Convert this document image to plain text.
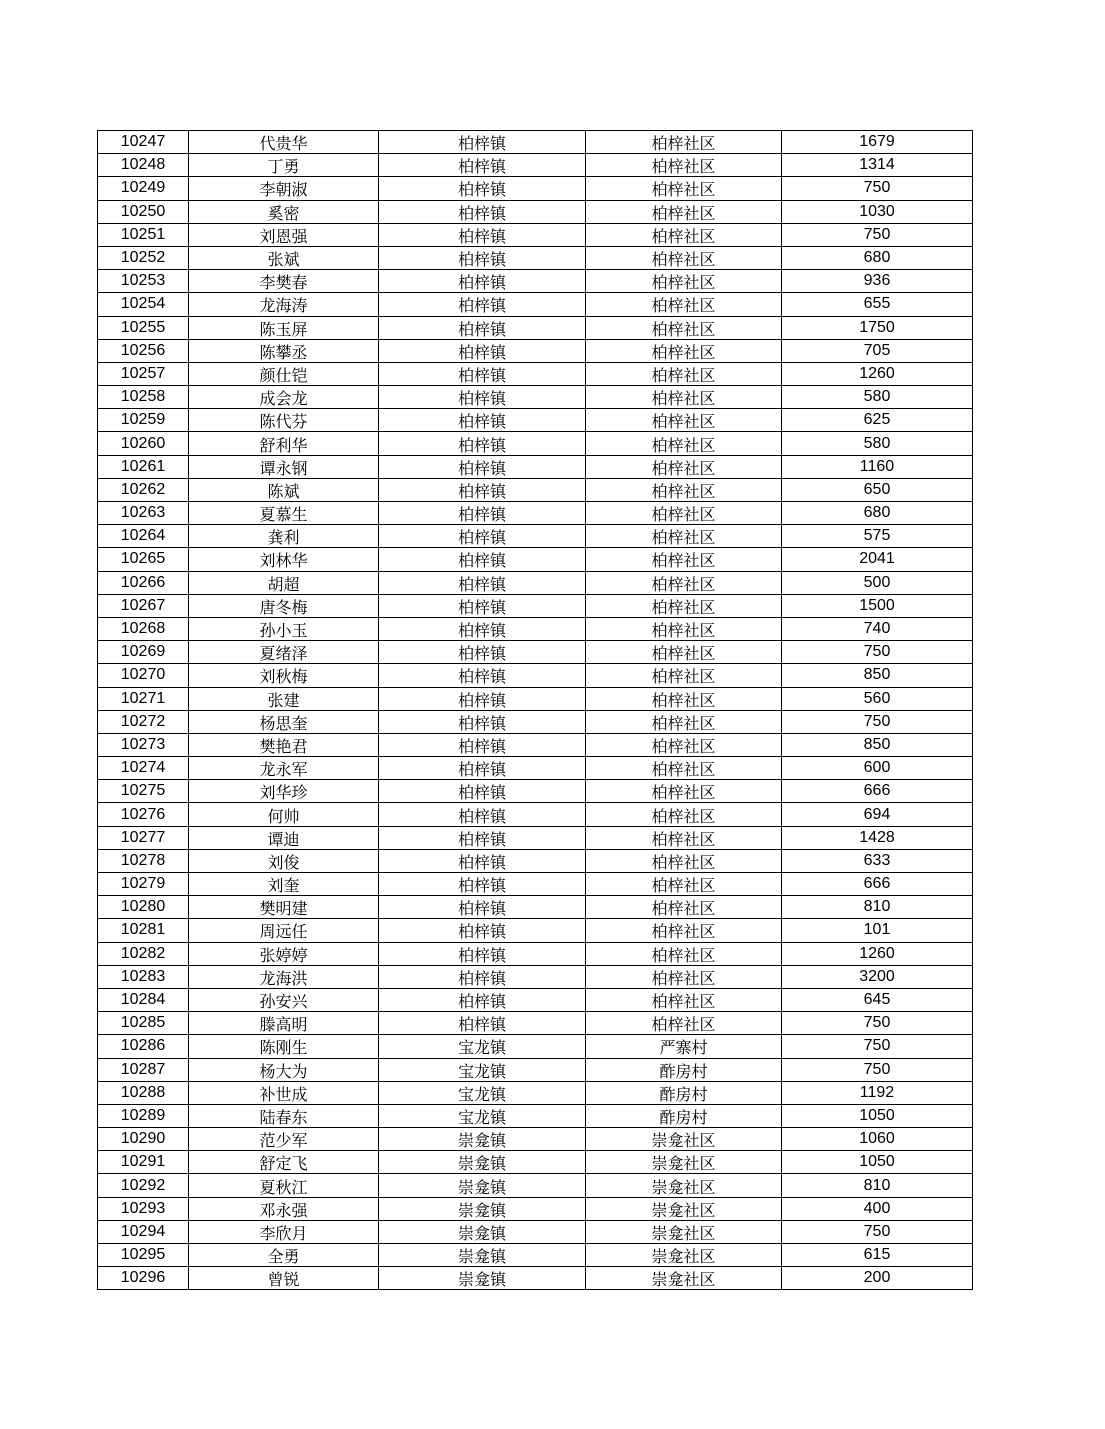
10247	代贵华	柏梓镇	柏梓社区	1679
10248	丁勇	柏梓镇	柏梓社区	1314
10249	李朝淑	柏梓镇	柏梓社区	750
10250	奚密	柏梓镇	柏梓社区	1030
10251	刘恩强	柏梓镇	柏梓社区	750
10252	张斌	柏梓镇	柏梓社区	680
10253	李樊春	柏梓镇	柏梓社区	936
10254	龙海涛	柏梓镇	柏梓社区	655
10255	陈玉屏	柏梓镇	柏梓社区	1750
10256	陈攀丞	柏梓镇	柏梓社区	705
10257	颜仕铠	柏梓镇	柏梓社区	1260
10258	成会龙	柏梓镇	柏梓社区	580
10259	陈代芬	柏梓镇	柏梓社区	625
10260	舒利华	柏梓镇	柏梓社区	580
10261	谭永钢	柏梓镇	柏梓社区	1160
10262	陈斌	柏梓镇	柏梓社区	650
10263	夏慕生	柏梓镇	柏梓社区	680
10264	龚利	柏梓镇	柏梓社区	575
10265	刘林华	柏梓镇	柏梓社区	2041
10266	胡超	柏梓镇	柏梓社区	500
10267	唐冬梅	柏梓镇	柏梓社区	1500
10268	孙小玉	柏梓镇	柏梓社区	740
10269	夏绪泽	柏梓镇	柏梓社区	750
10270	刘秋梅	柏梓镇	柏梓社区	850
10271	张建	柏梓镇	柏梓社区	560
10272	杨思奎	柏梓镇	柏梓社区	750
10273	樊艳君	柏梓镇	柏梓社区	850
10274	龙永军	柏梓镇	柏梓社区	600
10275	刘华珍	柏梓镇	柏梓社区	666
10276	何帅	柏梓镇	柏梓社区	694
10277	谭迪	柏梓镇	柏梓社区	1428
10278	刘俊	柏梓镇	柏梓社区	633
10279	刘奎	柏梓镇	柏梓社区	666
10280	樊明建	柏梓镇	柏梓社区	810
10281	周远任	柏梓镇	柏梓社区	101
10282	张婷婷	柏梓镇	柏梓社区	1260
10283	龙海洪	柏梓镇	柏梓社区	3200
10284	孙安兴	柏梓镇	柏梓社区	645
10285	滕高明	柏梓镇	柏梓社区	750
10286	陈刚生	宝龙镇	严寨村	750
10287	杨大为	宝龙镇	酢房村	750
10288	补世成	宝龙镇	酢房村	1192
10289	陆春东	宝龙镇	酢房村	1050
10290	范少军	崇龛镇	崇龛社区	1060
10291	舒定飞	崇龛镇	崇龛社区	1050
10292	夏秋江	崇龛镇	崇龛社区	810
10293	邓永强	崇龛镇	崇龛社区	400
10294	李欣月	崇龛镇	崇龛社区	750
10295	全勇	崇龛镇	崇龛社区	615
10296	曾锐	崇龛镇	崇龛社区	200
